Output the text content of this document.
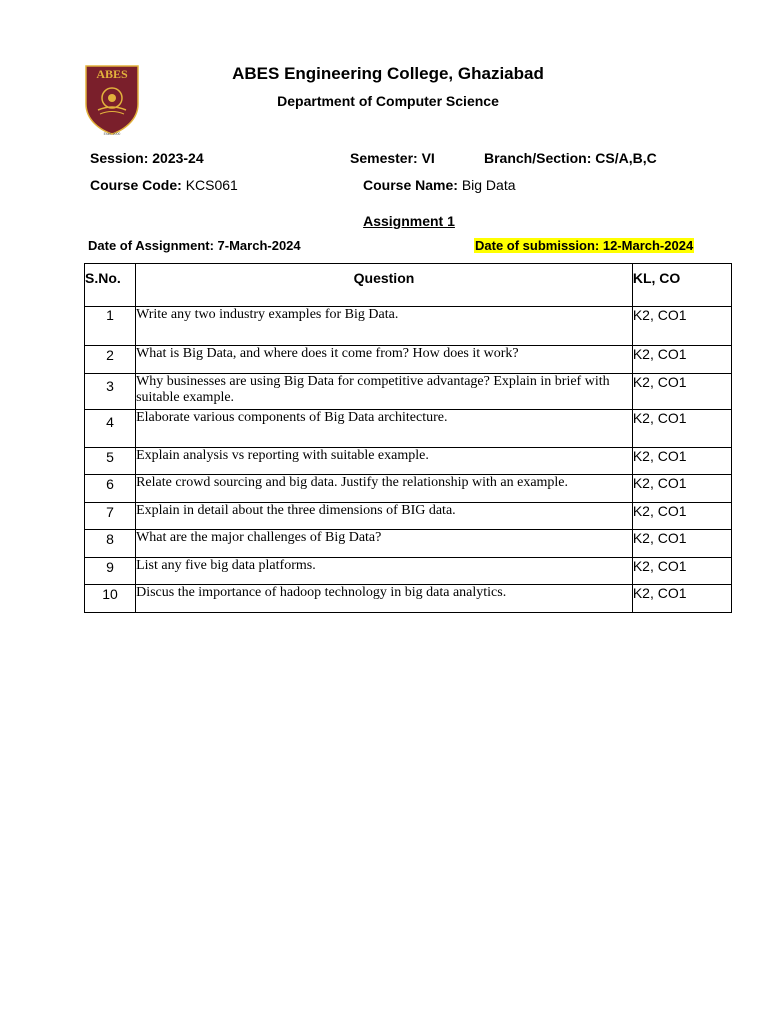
ABES
Estd. 2000
ABES Engineering College, Ghaziabad
Department of Computer Science
Session: 2023-24	Semester: VI	Branch/Section: CS/A,B,C
Course Code: KCS061	Course Name: Big Data
Assignment 1
Date of Assignment: 7-March-2024	Date of submission: 12-March-2024
S.No.	Question	KL, CO
1	Write any two industry examples for Big Data.	K2, CO1
2	What is Big Data, and where does it come from? How does it work?	K2, CO1
3	Why businesses are using Big Data for competitive advantage? Explain in brief with suitable example.	K2, CO1
4	Elaborate various components of Big Data architecture.	K2, CO1
5	Explain analysis vs reporting with suitable example.	K2, CO1
6	Relate crowd sourcing and big data. Justify the relationship with an example.	K2, CO1
7	Explain in detail about the three dimensions of BIG data.	K2, CO1
8	What are the major challenges of Big Data?	K2, CO1
9	List any five big data platforms.	K2, CO1
10	Discus the importance of hadoop technology in big data analytics.	K2, CO1
